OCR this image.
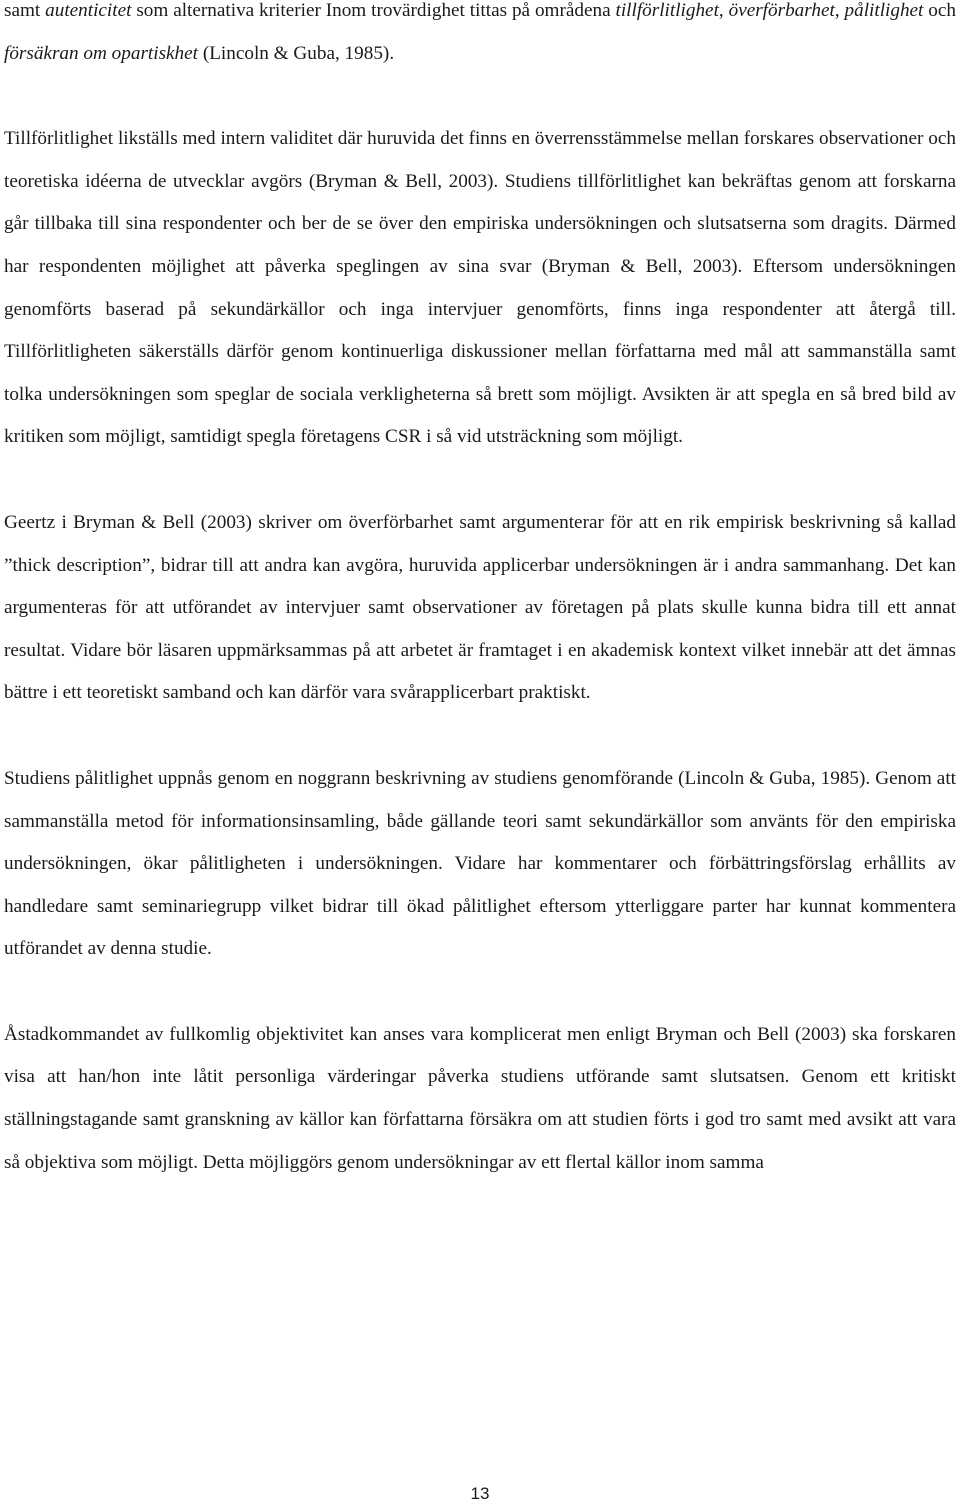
samt autenticitet som alternativa kriterier Inom trovärdighet tittas på områdena tillförlitlighet, överförbarhet, pålitlighet och försäkran om opartiskhet (Lincoln & Guba, 1985).

Tillförlitlighet likställs med intern validitet där huruvida det finns en överrensstämmelse mellan forskares observationer och teoretiska idéerna de utvecklar avgörs (Bryman & Bell, 2003). Studiens tillförlitlighet kan bekräftas genom att forskarna går tillbaka till sina respondenter och ber de se över den empiriska undersökningen och slutsatserna som dragits. Därmed har respondenten möjlighet att påverka speglingen av sina svar (Bryman & Bell, 2003). Eftersom undersökningen genomförts baserad på sekundärkällor och inga intervjuer genomförts, finns inga respondenter att återgå till. Tillförlitligheten säkerställs därför genom kontinuerliga diskussioner mellan författarna med mål att sammanställa samt tolka undersökningen som speglar de sociala verkligheterna så brett som möjligt. Avsikten är att spegla en så bred bild av kritiken som möjligt, samtidigt spegla företagens CSR i så vid utsträckning som möjligt.

Geertz i Bryman & Bell (2003) skriver om överförbarhet samt argumenterar för att en rik empirisk beskrivning så kallad ”thick description”, bidrar till att andra kan avgöra, huruvida applicerbar undersökningen är i andra sammanhang. Det kan argumenteras för att utförandet av intervjuer samt observationer av företagen på plats skulle kunna bidra till ett annat resultat. Vidare bör läsaren uppmärksammas på att arbetet är framtaget i en akademisk kontext vilket innebär att det ämnas bättre i ett teoretiskt samband och kan därför vara svårapplicerbart praktiskt.

Studiens pålitlighet uppnås genom en noggrann beskrivning av studiens genomförande (Lincoln & Guba, 1985). Genom att sammanställa metod för informationsinsamling, både gällande teori samt sekundärkällor som använts för den empiriska undersökningen, ökar pålitligheten i undersökningen. Vidare har kommentarer och förbättringsförslag erhållits av handledare samt seminariegrupp vilket bidrar till ökad pålitlighet eftersom ytterliggare parter har kunnat kommentera utförandet av denna studie.

Åstadkommandet av fullkomlig objektivitet kan anses vara komplicerat men enligt Bryman och Bell (2003) ska forskaren visa att han/hon inte låtit personliga värderingar påverka studiens utförande samt slutsatsen. Genom ett kritiskt ställningstagande samt granskning av källor kan författarna försäkra om att studien förts i god tro samt med avsikt att vara så objektiva som möjligt. Detta möjliggörs genom undersökningar av ett flertal källor inom samma

13
